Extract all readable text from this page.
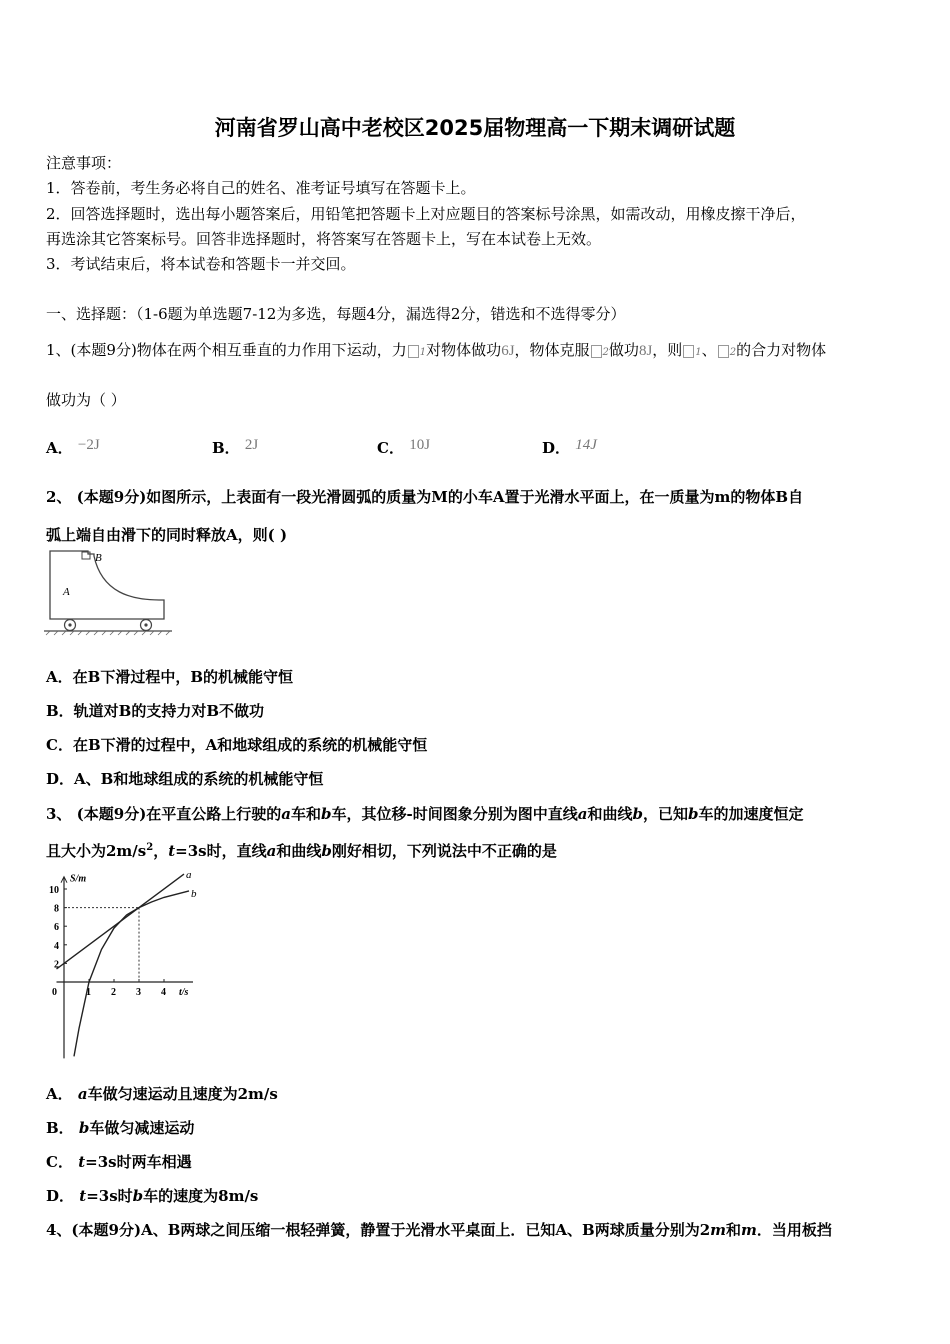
河南省罗山高中老校区2025届物理高一下期末调研试题
注意事项：
1．答卷前，考生务必将自己的姓名、准考证号填写在答题卡上。
2．回答选择题时，选出每小题答案后，用铅笔把答题卡上对应题目的答案标号涂黑，如需改动，用橡皮擦干净后，
再选涂其它答案标号。回答非选择题时，将答案写在答题卡上，写在本试卷上无效。
3．考试结束后，将本试卷和答题卡一并交回。
一、选择题：（1-6题为单选题7-12为多选，每题4分，漏选得2分，错选和不选得零分）
1、(本题9分)物体在两个相互垂直的力作用下运动，力 1对物体做功6J，物体克服 2做功8J，则 1、 2的合力对物体
做功为（ ）
A． −2J	B． 2J	C． 10J	D． 14J
2、 (本题9分)如图所示，上表面有一段光滑圆弧的质量为M的小车A置于光滑水平面上，在一质量为m的物体B自
弧上端自由滑下的同时释放A，则( )
B
A
A．在B下滑过程中，B的机械能守恒
B．轨道对B的支持力对B不做功
C．在B下滑的过程中，A和地球组成的系统的机械能守恒
D．A、B和地球组成的系统的机械能守恒
3、 (本题9分)在平直公路上行驶的a车和b车，其位移-时间图象分别为图中直线a和曲线b，已知b车的加速度恒定
且大小为$2m/s^2$，t=3s时，直线a和曲线b刚好相切，下列说法中不正确的是
S/m
t/s
0	1 2 3 4
2
4
6
8
10
a
b
A． a车做匀速运动且速度为2m/s
B． b车做匀减速运动
C． t=3s时两车相遇
D． t=3s时b车的速度为8m/s
4、(本题9分)A、B两球之间压缩一根轻弹簧，静置于光滑水平桌面上．已知A、B两球质量分别为2m和m．当用板挡
